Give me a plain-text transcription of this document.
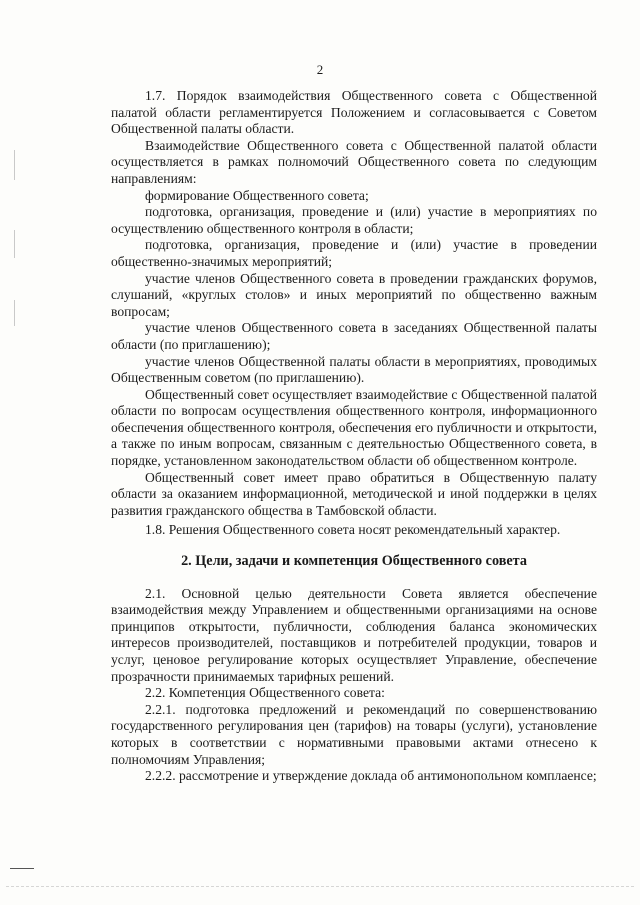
2

1.7. Порядок взаимодействия Общественного совета с Общественной палатой области регламентируется Положением и согласовывается с Советом Общественной палаты области.

Взаимодействие Общественного совета с Общественной палатой области осуществляется в рамках полномочий Общественного совета по следующим направлениям:

формирование Общественного совета;

подготовка, организация, проведение и (или) участие в мероприятиях по осуществлению общественного контроля в области;

подготовка, организация, проведение и (или) участие в проведении общественно-значимых мероприятий;

участие членов Общественного совета в проведении гражданских форумов, слушаний, «круглых столов» и иных мероприятий по общественно важным вопросам;

участие членов Общественного совета в заседаниях Общественной палаты области (по приглашению);

участие членов Общественной палаты области в мероприятиях, проводимых Общественным советом (по приглашению).

Общественный совет осуществляет взаимодействие с Общественной палатой области по вопросам осуществления общественного контроля, информационного обеспечения общественного контроля, обеспечения его публичности и открытости, а также по иным вопросам, связанным с деятельностью Общественного совета, в порядке, установленном законодательством области об общественном контроле.

Общественный совет имеет право обратиться в Общественную палату области за оказанием информационной, методической и иной поддержки в целях развития гражданского общества в Тамбовской области.

1.8. Решения Общественного совета носят рекомендательный характер.

2. Цели, задачи и компетенция Общественного совета

2.1. Основной целью деятельности Совета является обеспечение взаимодействия между Управлением и общественными организациями на основе принципов открытости, публичности, соблюдения баланса экономических интересов производителей, поставщиков и потребителей продукции, товаров и услуг, ценовое регулирование которых осуществляет Управление, обеспечение прозрачности принимаемых тарифных решений.

2.2. Компетенция Общественного совета:

2.2.1. подготовка предложений и рекомендаций по совершенствованию государственного регулирования цен (тарифов) на товары (услуги), установление которых в соответствии с нормативными правовыми актами отнесено к полномочиям Управления;

2.2.2. рассмотрение и утверждение доклада об антимонопольном комплаенсе;
